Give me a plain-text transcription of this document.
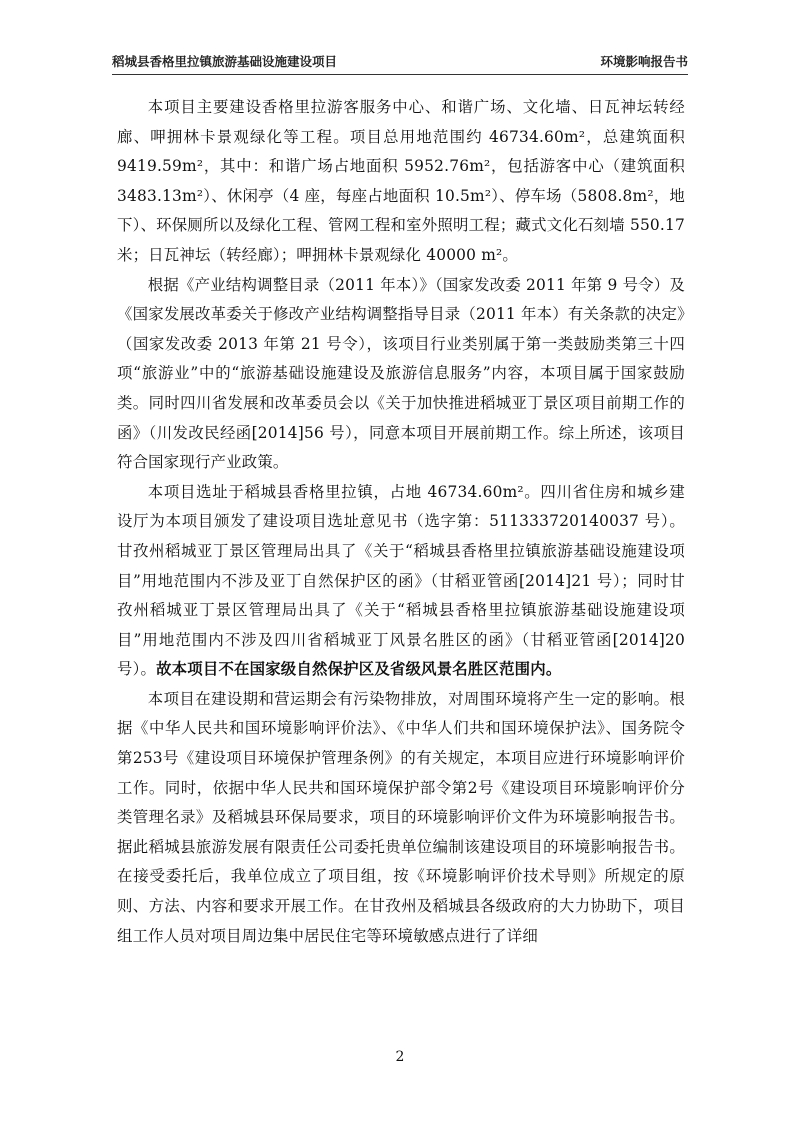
稻城县香格里拉镇旅游基础设施建设项目	环境影响报告书

本项目主要建设香格里拉游客服务中心、和谐广场、文化墙、日瓦神坛转经廊、呷拥林卡景观绿化等工程。项目总用地范围约 46734.60m²，总建筑面积 9419.59m²，其中：和谐广场占地面积 5952.76m²，包括游客中心（建筑面积 3483.13m²）、休闲亭（4 座，每座占地面积 10.5m²）、停车场（5808.8m²，地下）、环保厕所以及绿化工程、管网工程和室外照明工程；藏式文化石刻墙 550.17 米；日瓦神坛（转经廊）；呷拥林卡景观绿化 40000 m²。

根据《产业结构调整目录（2011 年本）》（国家发改委 2011 年第 9 号令）及《国家发展改革委关于修改产业结构调整指导目录（2011 年本）有关条款的决定》（国家发改委 2013 年第 21 号令），该项目行业类别属于第一类鼓励类第三十四项“旅游业”中的“旅游基础设施建设及旅游信息服务”内容，本项目属于国家鼓励类。同时四川省发展和改革委员会以《关于加快推进稻城亚丁景区项目前期工作的函》（川发改民经函[2014]56 号），同意本项目开展前期工作。综上所述，该项目符合国家现行产业政策。

本项目选址于稻城县香格里拉镇，占地 46734.60m²。四川省住房和城乡建设厅为本项目颁发了建设项目选址意见书（选字第：511333720140037 号）。甘孜州稻城亚丁景区管理局出具了《关于“稻城县香格里拉镇旅游基础设施建设项目”用地范围内不涉及亚丁自然保护区的函》（甘稻亚管函[2014]21 号）；同时甘孜州稻城亚丁景区管理局出具了《关于“稻城县香格里拉镇旅游基础设施建设项目”用地范围内不涉及四川省稻城亚丁风景名胜区的函》（甘稻亚管函[2014]20 号）。故本项目不在国家级自然保护区及省级风景名胜区范围内。

本项目在建设期和营运期会有污染物排放，对周围环境将产生一定的影响。根据《中华人民共和国环境影响评价法》、《中华人们共和国环境保护法》、国务院令第253号《建设项目环境保护管理条例》的有关规定，本项目应进行环境影响评价工作。同时，依据中华人民共和国环境保护部令第2号《建设项目环境影响评价分类管理名录》及稻城县环保局要求，项目的环境影响评价文件为环境影响报告书。据此稻城县旅游发展有限责任公司委托贵单位编制该建设项目的环境影响报告书。在接受委托后，我单位成立了项目组，按《环境影响评价技术导则》所规定的原则、方法、内容和要求开展工作。在甘孜州及稻城县各级政府的大力协助下，项目组工作人员对项目周边集中居民住宅等环境敏感点进行了详细

2
